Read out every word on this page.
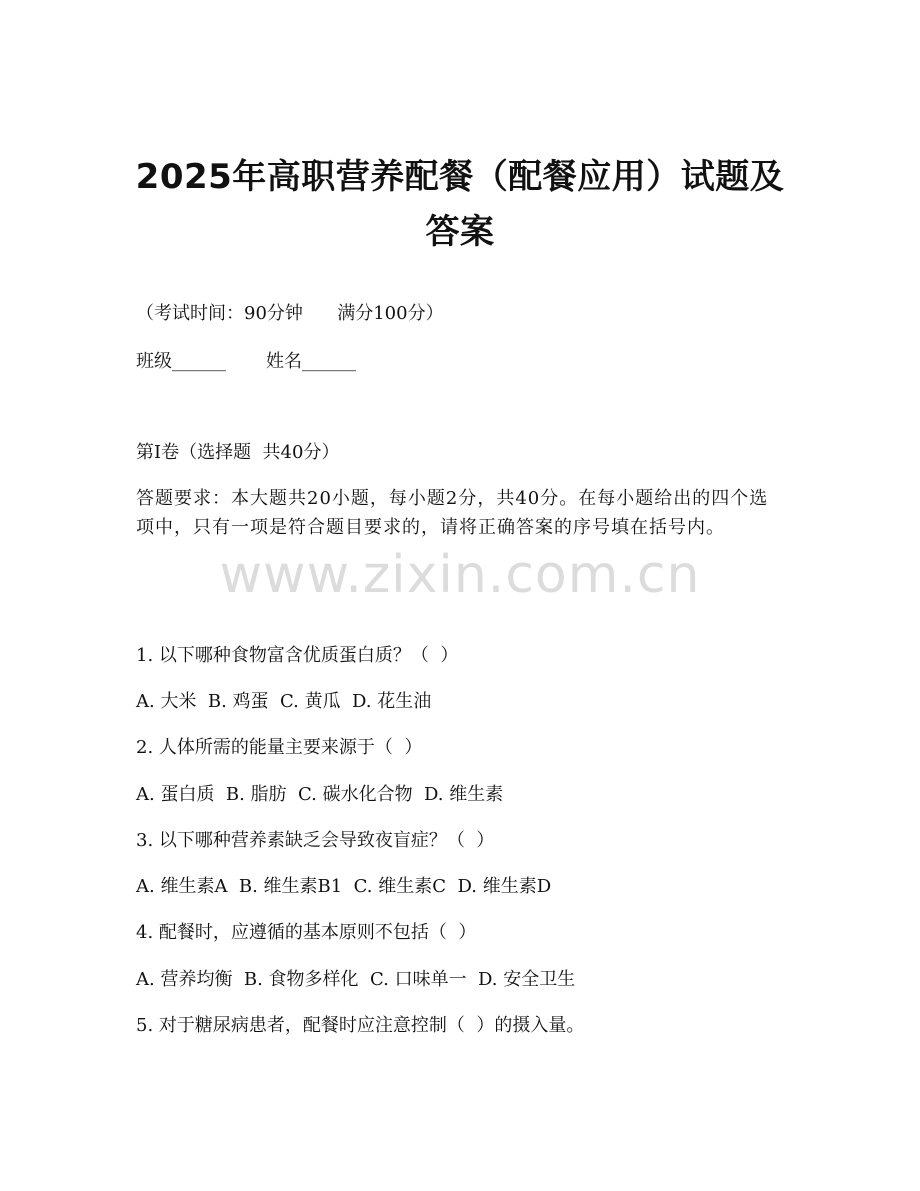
2025年高职营养配餐（配餐应用）试题及答案
（考试时间：90分钟      满分100分）
班级______       姓名______
第Ⅰ卷（选择题  共40分）
答题要求：本大题共20小题，每小题2分，共40分。在每小题给出的四个选项中，只有一项是符合题目要求的，请将正确答案的序号填在括号内。
www.zixin.com.cn
1. 以下哪种食物富含优质蛋白质？（  ）
A. 大米  B. 鸡蛋  C. 黄瓜  D. 花生油
2. 人体所需的能量主要来源于（  ）
A. 蛋白质  B. 脂肪  C. 碳水化合物  D. 维生素
3. 以下哪种营养素缺乏会导致夜盲症？（  ）
A. 维生素A  B. 维生素B1  C. 维生素C  D. 维生素D
4. 配餐时，应遵循的基本原则不包括（  ）
A. 营养均衡  B. 食物多样化  C. 口味单一  D. 安全卫生
5. 对于糖尿病患者，配餐时应注意控制（  ）的摄入量。
